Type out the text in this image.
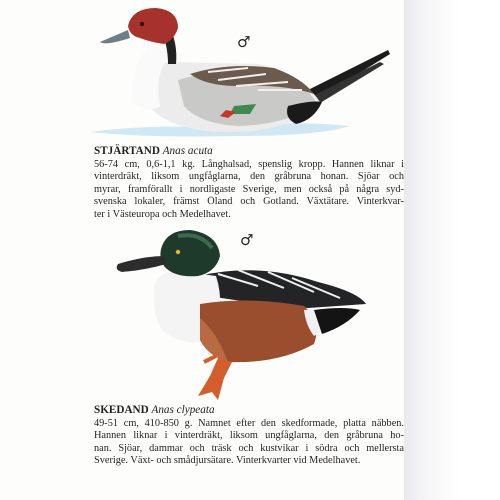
♂
STJÄRTAND Anas acuta
56-74 cm, 0,6-1,1 kg. Långhalsad, spenslig kropp. Hannen liknar i
vinterdräkt, liksom ungfåglarna, den gråbruna honan. Sjöar och
myrar, framförallt i nordligaste Sverige, men också på några syd-
svenska lokaler, främst Öland och Gotland. Växtätare. Vinterkvar-
ter i Västeuropa och Medelhavet.
♂
SKEDAND Anas clypeata
49-51 cm, 410-850 g. Namnet efter den skedformade, platta näbben.
Hannen liknar i vinterdräkt, liksom ungfåglarna, den gråbruna ho-
nan. Sjöar, dammar och träsk och kustvikar i södra och mellersta
Sverige. Växt- och smådjursätare. Vinterkvarter vid Medelhavet.
